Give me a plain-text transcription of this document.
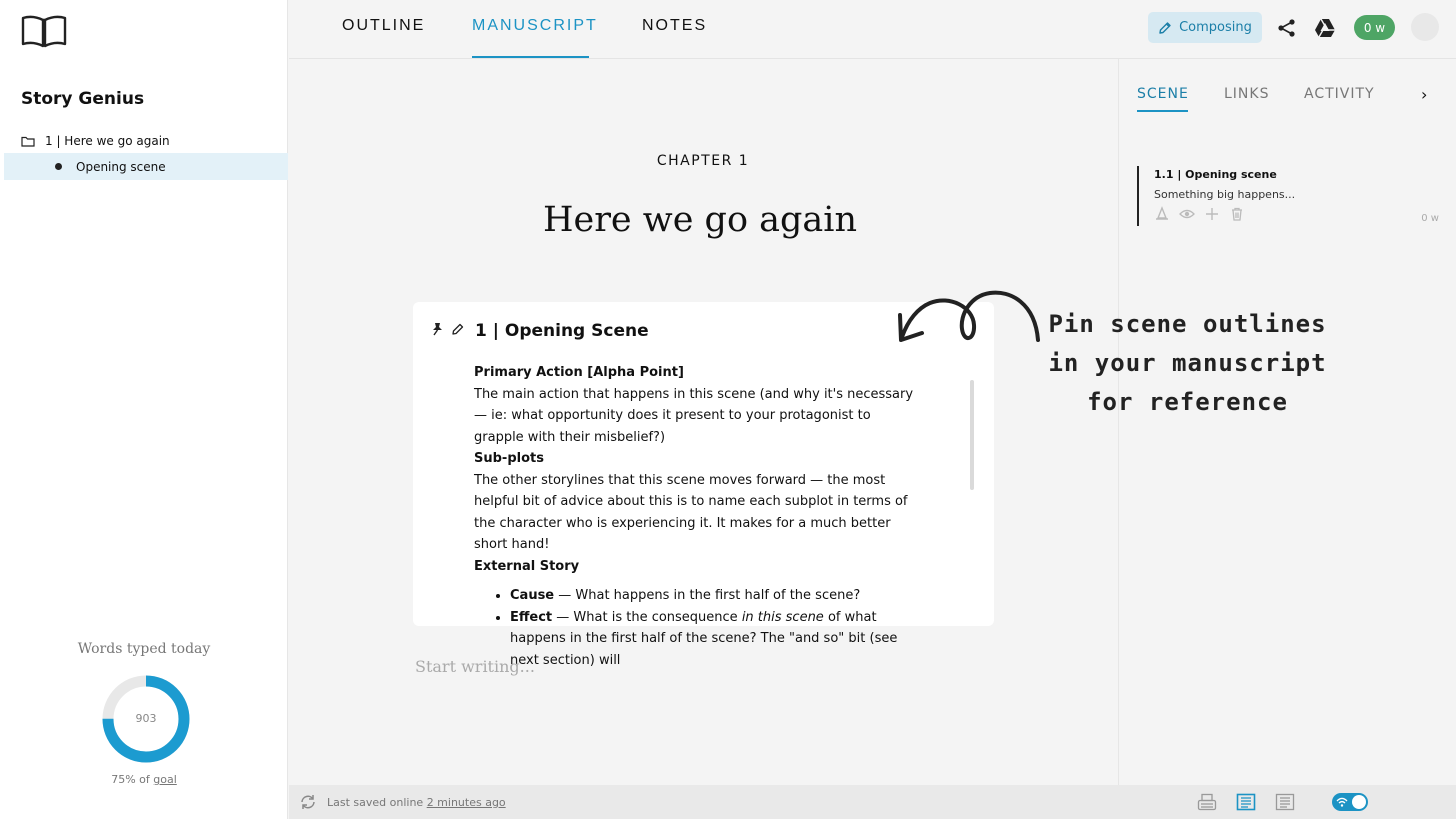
Story Genius
1 | Here we go again
Opening scene
Words typed today
903
75% of goal
OUTLINE	MANUSCRIPT	NOTES	Composing	0 w
CHAPTER 1
Here we go again
1 | Opening Scene
Primary Action [Alpha Point]
The main action that happens in this scene (and why it's necessary — ie: what opportunity does it present to your protagonist to grapple with their misbelief?)
Sub-plots
The other storylines that this scene moves forward — the most helpful bit of advice about this is to name each subplot in terms of the character who is experiencing it. It makes for a much better short hand!
External Story
• Cause — What happens in the first half of the scene?
• Effect — What is the consequence in this scene of what happens in the first half of the scene? The "and so" bit (see next section) will
Start writing...
SCENE	LINKS ACTIVITY	›
1.1 | Opening scene
Something big happens...
0 w
Pin scene outlines
in your manuscript
for reference
Last saved online 2 minutes ago
